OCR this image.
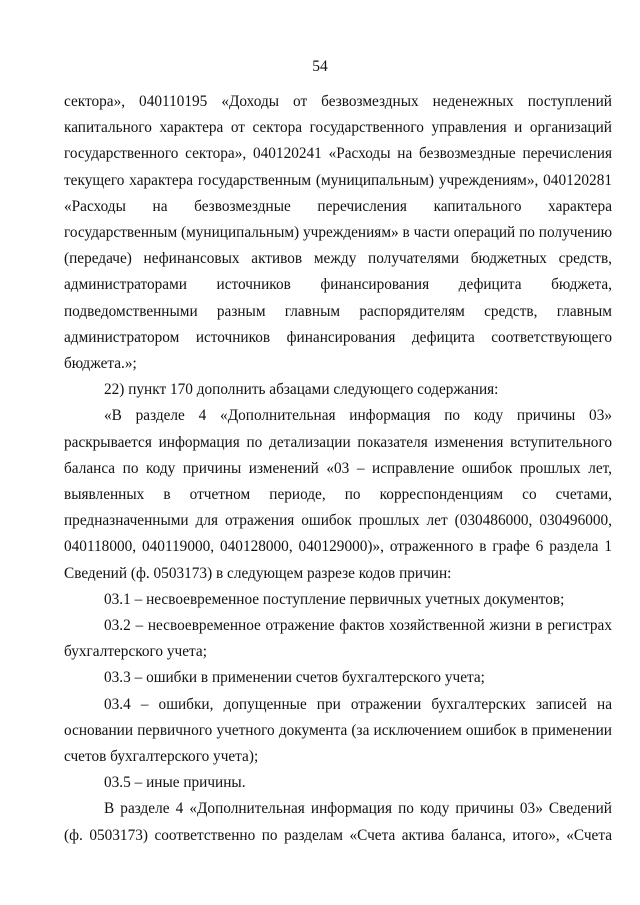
54

сектора», 040110195 «Доходы от безвозмездных неденежных поступлений капитального характера от сектора государственного управления и организаций государственного сектора», 040120241 «Расходы на безвозмездные перечисления текущего характера государственным (муниципальным) учреждениям», 040120281 «Расходы на безвозмездные перечисления капитального характера государственным (муниципальным) учреждениям» в части операций по получению (передаче) нефинансовых активов между получателями бюджетных средств, администраторами источников финансирования дефицита бюджета, подведомственными разным главным распорядителям средств, главным администратором источников финансирования дефицита соответствующего бюджета.»;

22) пункт 170 дополнить абзацами следующего содержания:

«В разделе 4 «Дополнительная информация по коду причины 03» раскрывается информация по детализации показателя изменения вступительного баланса по коду причины изменений «03 – исправление ошибок прошлых лет, выявленных в отчетном периоде, по корреспонденциям со счетами, предназначенными для отражения ошибок прошлых лет (030486000, 030496000, 040118000, 040119000, 040128000, 040129000)», отраженного в графе 6 раздела 1 Сведений (ф. 0503173) в следующем разрезе кодов причин:

03.1 – несвоевременное поступление первичных учетных документов;

03.2 – несвоевременное отражение фактов хозяйственной жизни в регистрах бухгалтерского учета;

03.3 – ошибки в применении счетов бухгалтерского учета;

03.4 – ошибки, допущенные при отражении бухгалтерских записей на основании первичного учетного документа (за исключением ошибок в применении счетов бухгалтерского учета);

03.5 – иные причины.

В разделе 4 «Дополнительная информация по коду причины 03» Сведений (ф. 0503173) соответственно по разделам «Счета актива баланса, итого», «Счета
